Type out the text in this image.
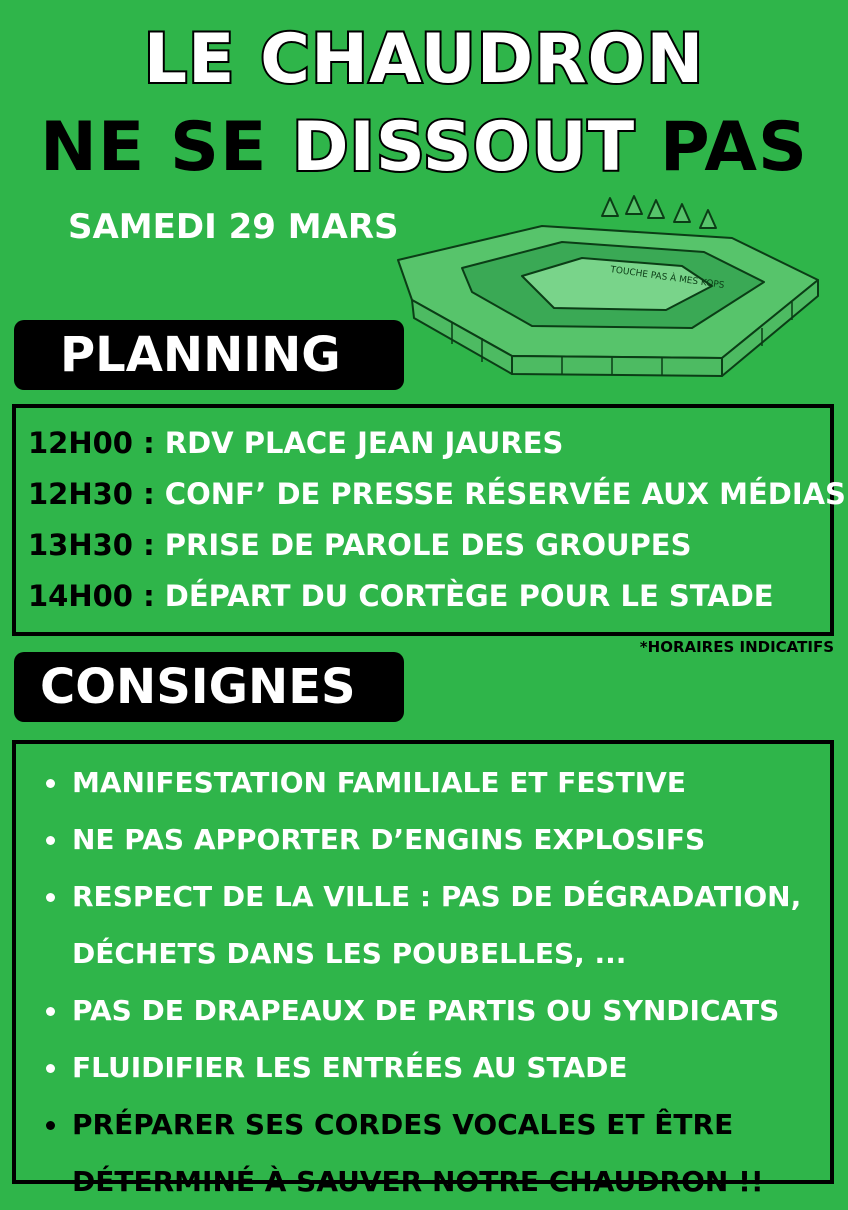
LE CHAUDRON
NE SE DISSOUT PAS
SAMEDI 29 MARS
TOUCHE PAS À MES KOPS
PLANNING
12H00 : RDV PLACE JEAN JAURES
12H30 : CONF’ DE PRESSE RÉSERVÉE AUX MÉDIAS
13H30 : PRISE DE PAROLE DES GROUPES
14H00 : DÉPART DU CORTÈGE POUR LE STADE
*HORAIRES INDICATIFS
CONSIGNES
MANIFESTATION FAMILIALE ET FESTIVE
NE PAS APPORTER D’ENGINS EXPLOSIFS
RESPECT DE LA VILLE : PAS DE DÉGRADATION,
DÉCHETS DANS LES POUBELLES, ...
PAS DE DRAPEAUX DE PARTIS OU SYNDICATS
FLUIDIFIER LES ENTRÉES AU STADE
PRÉPARER SES CORDES VOCALES ET ÊTRE
DÉTERMINÉ À SAUVER NOTRE CHAUDRON !!
